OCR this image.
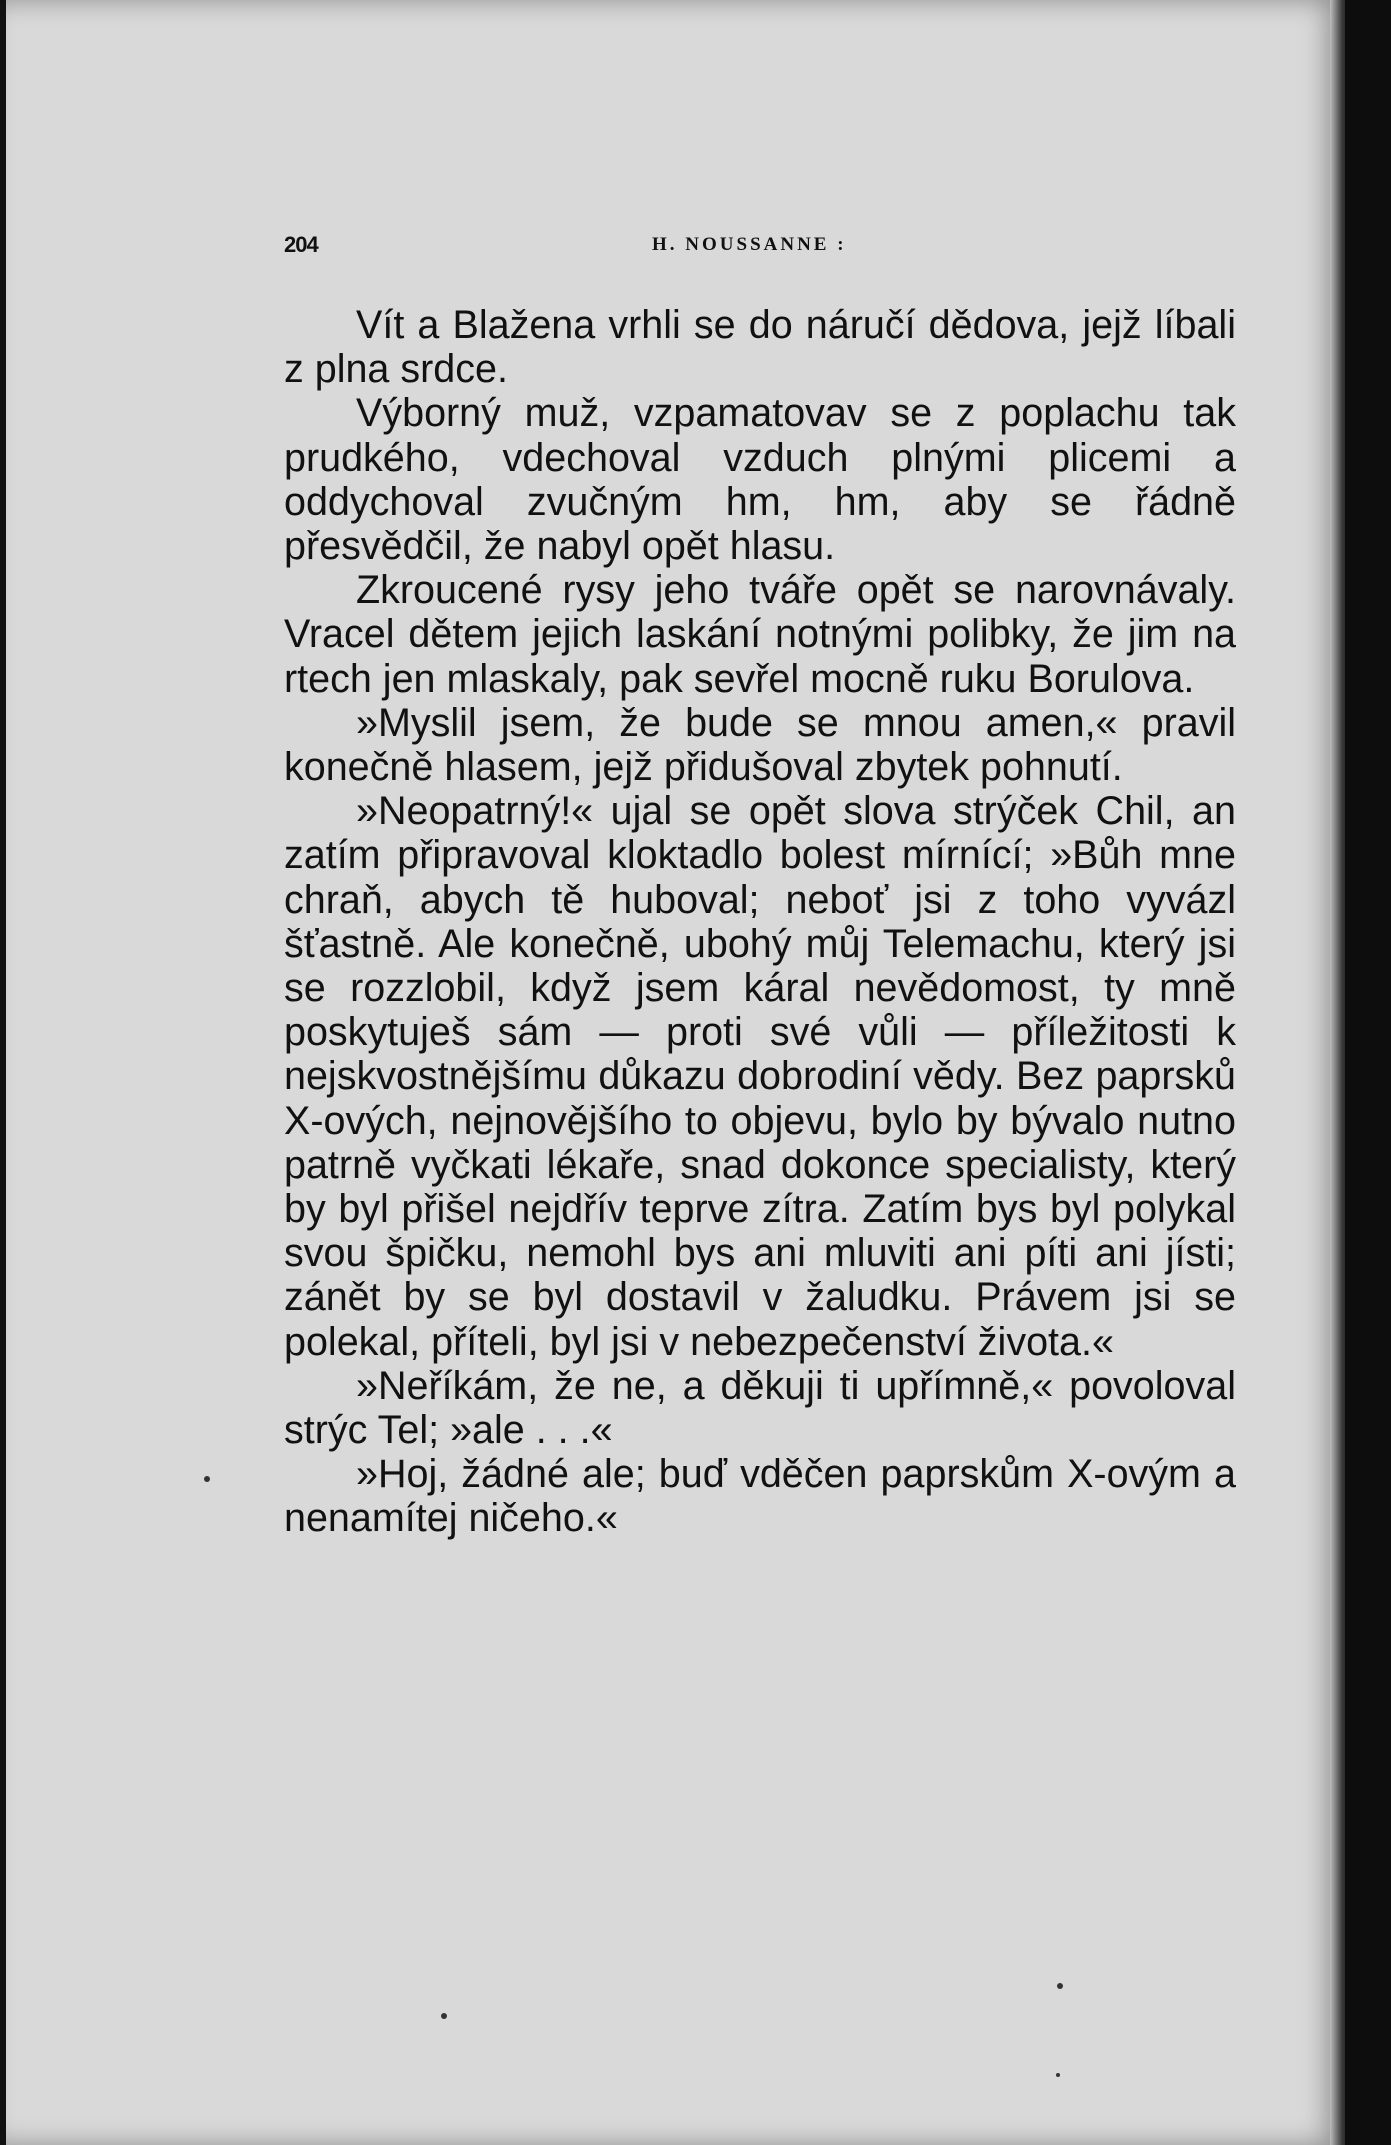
204	H. NOUSSANNE :

Vít a Blažena vrhli se do náručí dědova, jejž líbali z plna srdce.

Výborný muž, vzpamatovav se z poplachu tak prudkého, vdechoval vzduch plnými plicemi a oddychoval zvučným hm, hm, aby se řádně přesvědčil, že nabyl opět hlasu.

Zkroucené rysy jeho tváře opět se narovnávaly. Vracel dětem jejich laskání notnými polibky, že jim na rtech jen mlaskaly, pak sevřel mocně ruku Borulova.

»Myslil jsem, že bude se mnou amen,« pravil konečně hlasem, jejž přidušoval zbytek pohnutí.

»Neopatrný!« ujal se opět slova strýček Chil, an zatím připravoval kloktadlo bolest mírnící; »Bůh mne chraň, abych tě huboval; neboť jsi z toho vyvázl šťastně. Ale konečně, ubohý můj Telemachu, který jsi se rozzlobil, když jsem káral nevědomost, ty mně poskytuješ sám — proti své vůli — příležitosti k nejskvostnějšímu důkazu dobrodiní vědy. Bez paprsků X-ových, nejnovějšího to objevu, bylo by bývalo nutno patrně vyčkati lékaře, snad dokonce specialisty, který by byl přišel nejdřív teprve zítra. Zatím bys byl polykal svou špičku, nemohl bys ani mluviti ani píti ani jísti; zánět by se byl dostavil v žaludku. Právem jsi se polekal, příteli, byl jsi v nebezpečenství života.«

»Neříkám, že ne, a děkuji ti upřímně,« povoloval strýc Tel; »ale . . .«

»Hoj, žádné ale; buď vděčen paprskům X-ovým a nenamítej ničeho.«
